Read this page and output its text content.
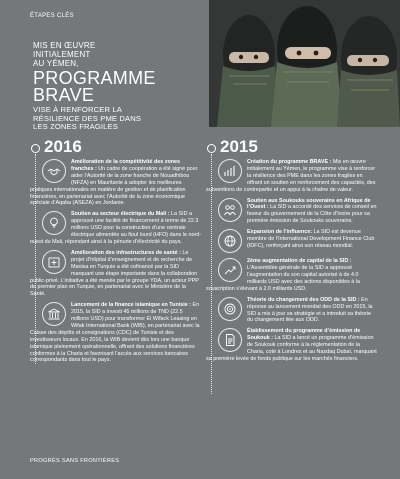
ÉTAPES CLÉS
MIS EN ŒUVRE
INITIALEMENT
AU YÉMEN,
PROGRAMME
BRAVE
VISE À RENFORCER LA
RÉSILIENCE DES PME DANS
LES ZONES FRAGILES
2016
Amélioration de la compétitivité des zones franches : Un cadre de coopération a été signé pour aider l’Autorité de la zone franche de Nouadhibou (NFZA) en Mauritanie à adopter les meilleures pratiques internationales en matière de gestion et de planification financières, en partenariat avec l’Autorité de la zone économique spéciale d’Aqaba (ASEZA) en Jordanie.
Soutien au secteur électrique du Mali : La SID a approuvé une facilité de financement à terme de 22.3 millions USD pour la construction d’une centrale électrique alimentée au fioul lourd (HFO) dans le nord-ouest du Mali, répondant ainsi à la pénurie d’électricité du pays.
Amélioration des infrastructures de santé : Le projet d’hôpital d’enseignement et de recherche de Manisa en Turquie a été cofinancé par la SID marquant une étape importante dans la collaboration public-privé. L’initiative a été menée par le groupe YDA, un acteur PPP de premier plan en Turquie, en partenariat avec le Ministère de la Santé.
Lancement de la finance islamique en Tunisie : En 2015, la SID a investi 45 millions de TND (22.5 millions USD) pour transformer El Wifack Leasing en Wifak International Bank (WIB), en partenariat avec la Caisse des dépôts et consignations (CDC) de Tunisie et des investisseurs locaux. En 2016, la WIB devient dès lors une banque islamique pleinement opérationnelle, offrant des solutions financières conformes à la Charia et favorisant l’accès aux services bancaires correspondants dans tout le pays.
2015
Création du programme BRAVE : Mis en œuvre initialement au Yémen, le programme vise à renforcer la résilience des PME dans les zones fragiles en offrant un soutien en renforcement des capacités, des subventions de contrepartie et un appui à la chaîne de valeur.
Soutien aux Soukouks souverains en Afrique de l’Ouest : La SID a accordé des services de conseil en faveur du gouvernement de la Côte d’Ivoire pour sa première émission de Soukouks souverains.
Expansion de l’influence: La SID est devenue membre de l’International Development Finance Club (IDFC), renforçant ainsi son réseau mondial.
2ème augmentation de capital de la SID : L’Assemblée générale de la SID a approuvé l’augmentation du son capital autorisé à de 4.0 milliards USD avec des actions disponibles à la souscription s’élevant à 2.0 milliards USD.
Théorie du changement des ODD de la SID : En réponse au lancement mondial des ODD en 2015, la SID a mis à jour sa stratégie et a introduit sa théorie du changement liée aux ODD.
Établissement du programme d’émission de Soukouk : La SID a lancé un programme d’émission de Soukouk conforme à la réglementation de la Charia, coté à Londres et au Nasdaq Dubaï, marquant sa première levée de fonds publique sur les marchés financiers.
PROGRÈS SANS FRONTIÈRES
